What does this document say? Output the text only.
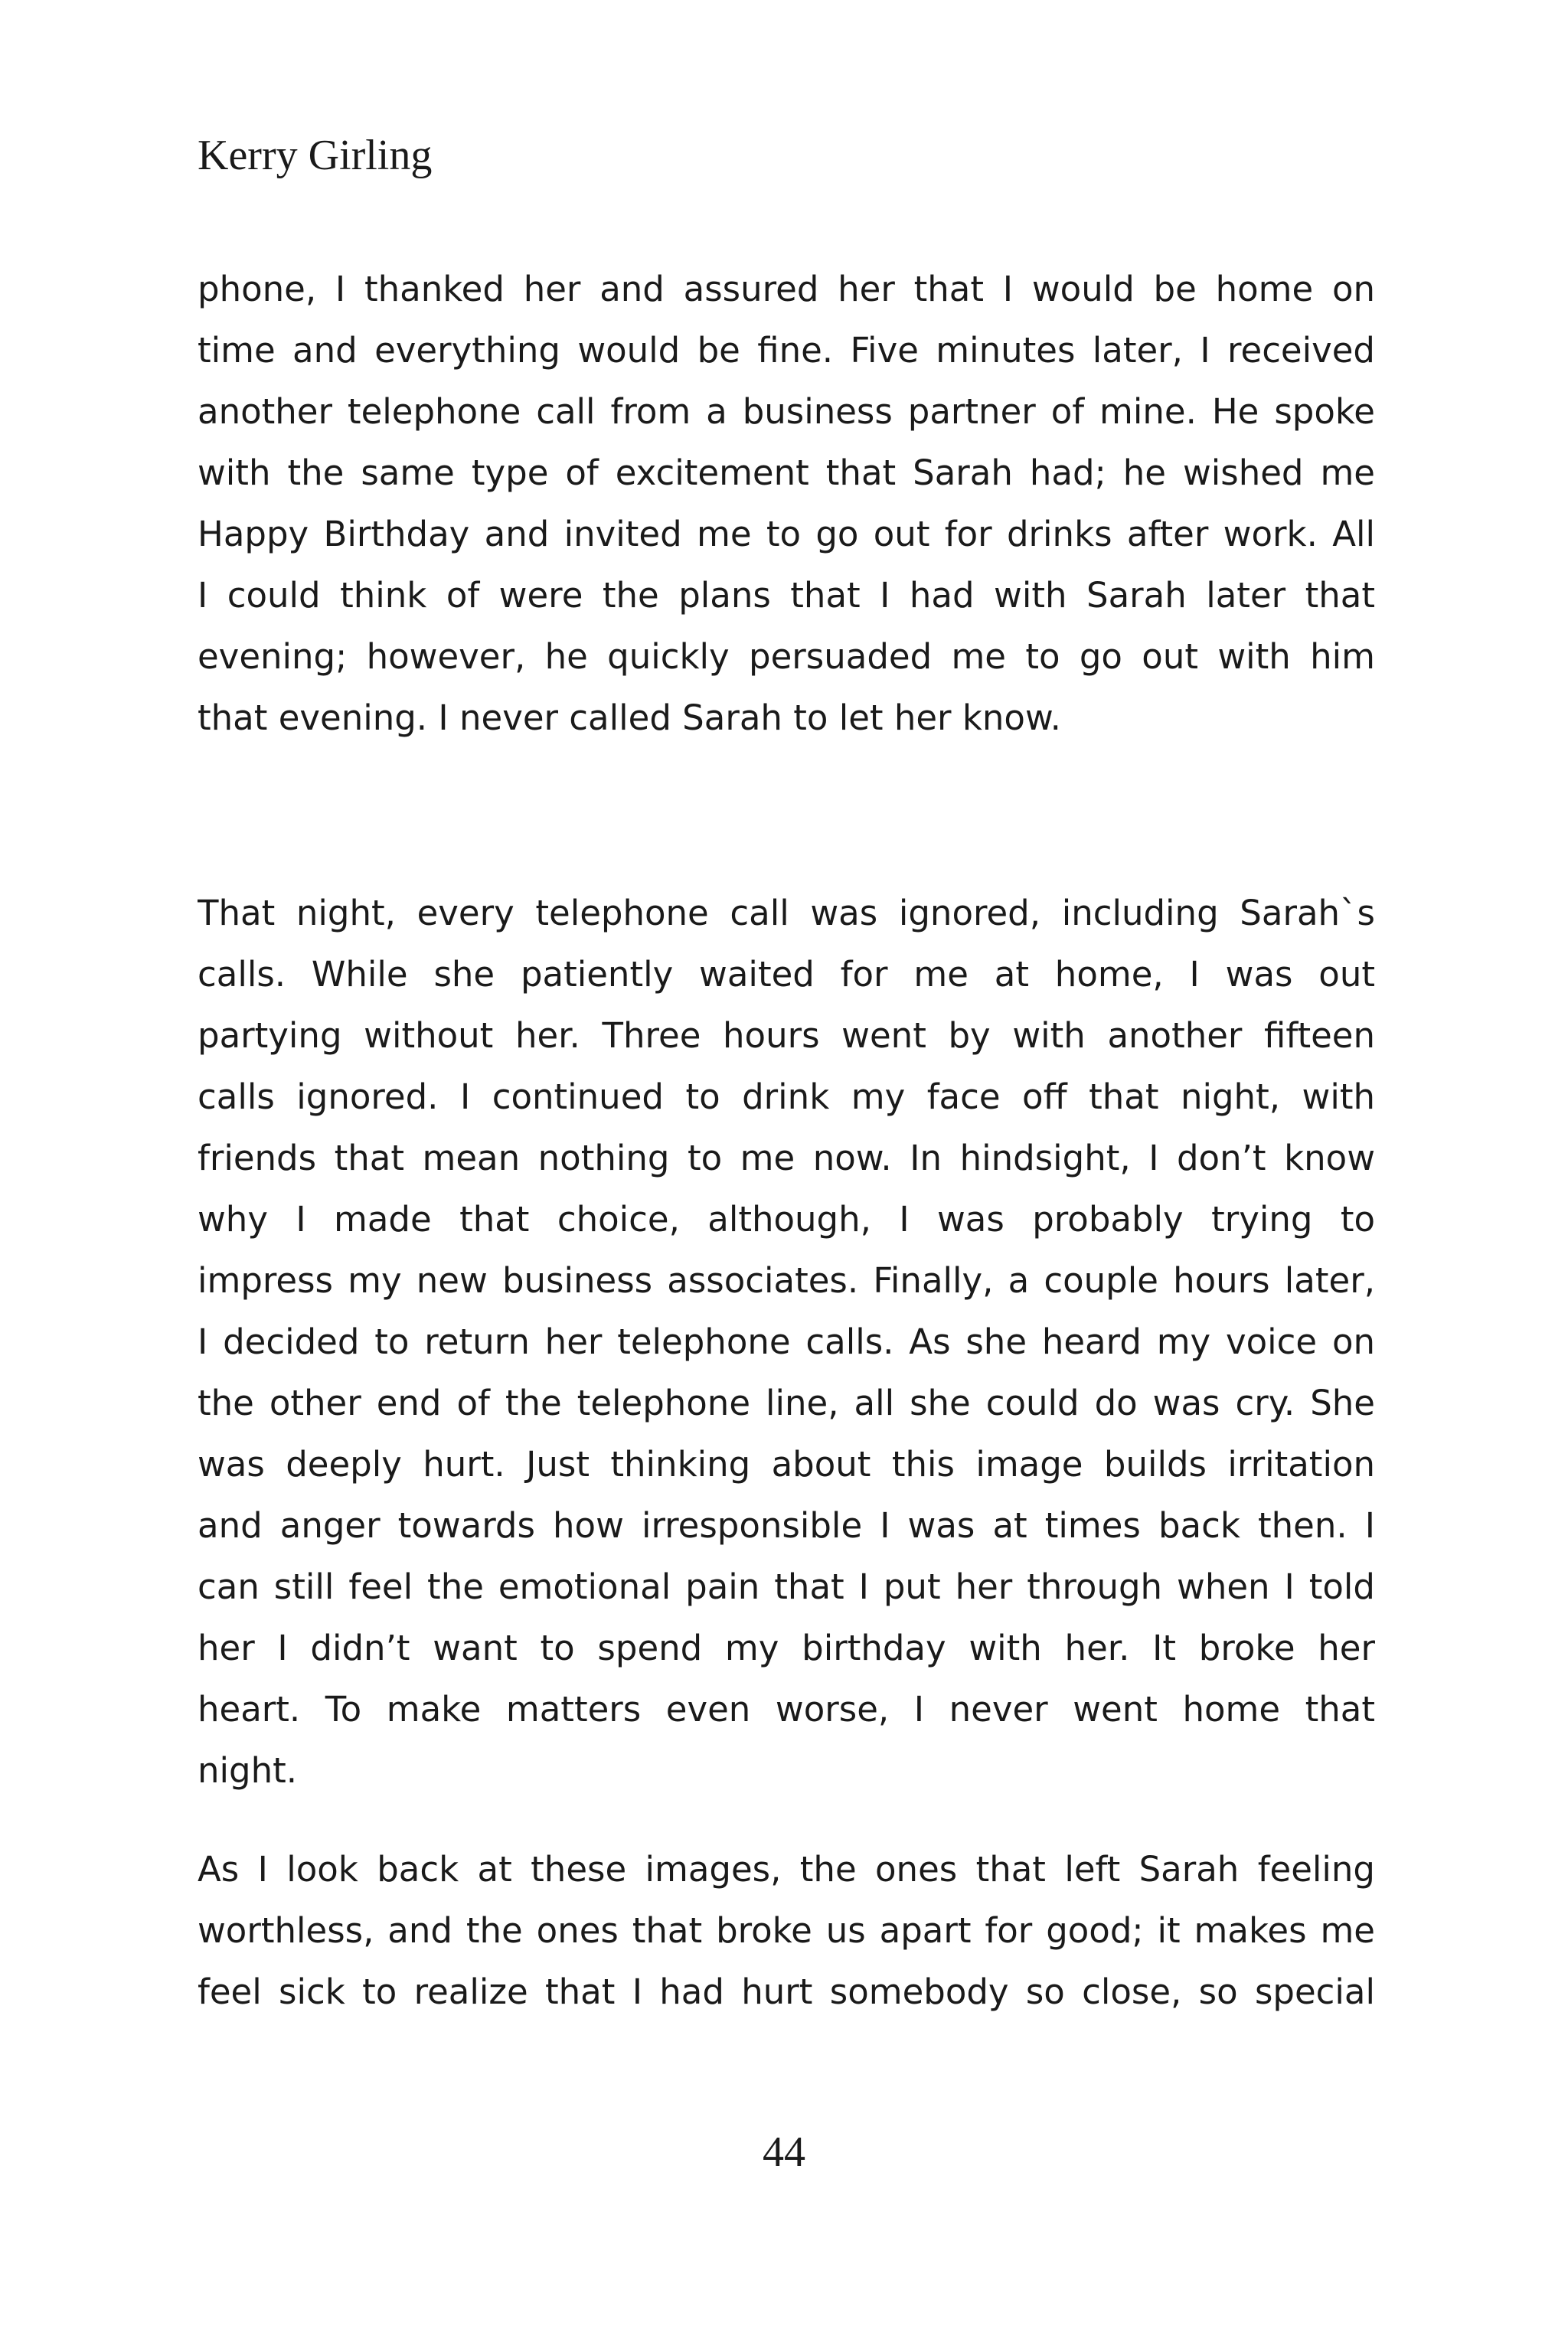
Kerry Girling
phone, I thanked her and assured her that I would be home on
time and everything would be fine. Five minutes later, I received
another telephone call from a business partner of mine. He spoke
with the same type of excitement that Sarah had; he wished me
Happy Birthday and invited me to go out for drinks after work. All
I could think of were the plans that I had with Sarah later that
evening; however, he quickly persuaded me to go out with him
that evening. I never called Sarah to let her know.
That night, every telephone call was ignored, including Sarah`s
calls. While she patiently waited for me at home, I was out
partying without her. Three hours went by with another fifteen
calls ignored. I continued to drink my face off that night, with
friends that mean nothing to me now. In hindsight, I don’t know
why I made that choice, although, I was probably trying to
impress my new business associates. Finally, a couple hours later,
I decided to return her telephone calls. As she heard my voice on
the other end of the telephone line, all she could do was cry. She
was deeply hurt. Just thinking about this image builds irritation
and anger towards how irresponsible I was at times back then. I
can still feel the emotional pain that I put her through when I told
her I didn’t want to spend my birthday with her. It broke her
heart. To make matters even worse, I never went home that
night.
As I look back at these images, the ones that left Sarah feeling
worthless, and the ones that broke us apart for good; it makes me
feel sick to realize that I had hurt somebody so close, so special
44
